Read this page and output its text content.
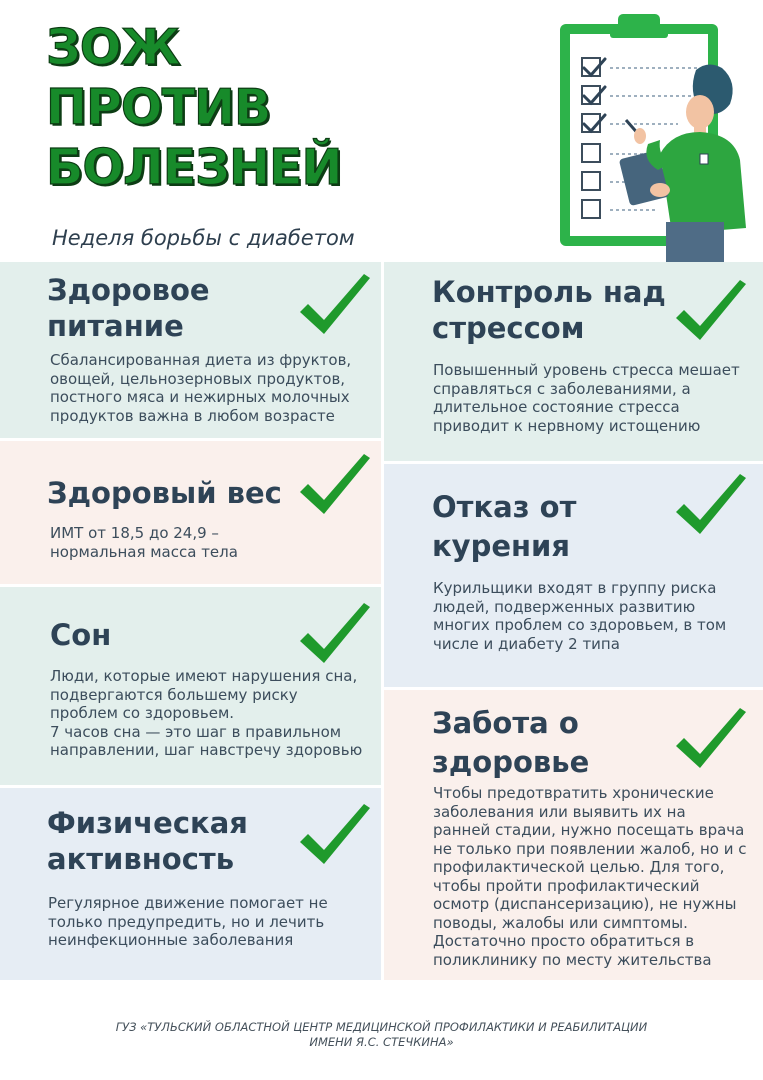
ЗОЖ
ПРОТИВ
БОЛЕЗНЕЙ
Неделя борьбы с диабетом
Здоровое
питание

Сбалансированная диета из фруктов,
овощей, цельнозерновых продуктов,
постного мяса и нежирных молочных
продуктов важна в любом возрасте

Здоровый вес

ИМТ от 18,5 до 24,9 –
нормальная масса тела

Сон

Люди, которые имеют нарушения сна,
подвергаются большему риску
проблем со здоровьем.
7 часов сна — это шаг в правильном
направлении, шаг навстречу здоровью

Физическая
активность

Регулярное движение помогает не
только предупредить, но и лечить
неинфекционные заболевания

Контроль над
стрессом

Повышенный уровень стресса мешает
справляться с заболеваниями, а
длительное состояние стресса
приводит к нервному истощению

Отказ от
курения

Курильщики входят в группу риска
людей, подверженных развитию
многих проблем со здоровьем, в том
числе и диабету 2 типа

Забота о
здоровье

Чтобы предотвратить хронические
заболевания или выявить их на
ранней стадии, нужно посещать врача
не только при появлении жалоб, но и с
профилактической целью. Для того,
чтобы пройти профилактический
осмотр (диспансеризацию), не нужны
поводы, жалобы или симптомы.
Достаточно просто обратиться в
поликлинику по месту жительства

ГУЗ «ТУЛЬСКИЙ ОБЛАСТНОЙ ЦЕНТР МЕДИЦИНСКОЙ ПРОФИЛАКТИКИ И РЕАБИЛИТАЦИИ
ИМЕНИ Я.С. СТЕЧКИНА»
